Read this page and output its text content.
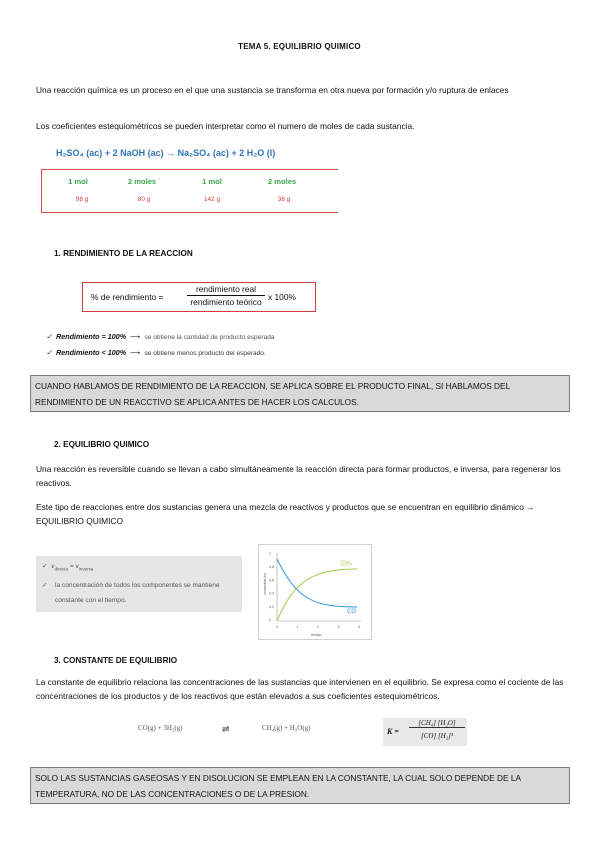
TEMA 5. EQUILIBRIO QUIMICO
Una reacción química es un proceso en el que una sustancia se transforma en otra nueva por formación y/o ruptura de enlaces
Los coeficientes estequiométricos se pueden interpretar como el numero de moles de cada sustancia.
H₂SO₄ (ac) + 2 NaOH (ac) → Na₂SO₄ (ac) + 2 H₂O (l)
1 mol	2 moles	1 mol	2 moles
98 g	80 g	142 g	36 g
1. RENDIMIENTO DE LA REACCION
% de rendimiento =
rendimiento real
rendimiento teórico x 100%
✓ Rendimiento = 100%  ⟶  se obtiene la cantidad de producto esperada
✓ Rendimiento < 100%  ⟶  se obtiene menos producto del esperado.
CUANDO HABLAMOS DE RENDIMIENTO DE LA REACCION, SE APLICA SOBRE EL PRODUCTO FINAL, SI HABLAMOS DEL RENDIMIENTO DE UN REACCTIVO SE APLICA ANTES DE HACER LOS CALCULOS.
2. EQUILIBRIO QUIMICO
Una reacción es reversible cuando se llevan a cabo simultáneamente la reacción directa para formar productos, e inversa, para regenerar los reactivos.
Este tipo de reacciones entre dos sustancias genera una mezcla de reactivos y productos que se encuentran en equilibrio dinámico → EQUILIBRIO QUIMICO
✓ $v_{directa} = v_{inversa}$
✓	la concentración de todos los componentes se mantiene constante con el tiempo.
CH₄
CO
concentración
tiempo
1
0,8
0,6
0,4
0,2
0
0	1	2	3	4
3. CONSTANTE DE EQUILIBRIO
La constante de equilibrio relaciona las concentraciones de las sustancias que intervienen en el equilibrio. Se expresa como el cociente de las concentraciones de los productos y de los reactivos que están elevados a sus coeficientes estequiométricos.
CO(g) + 3H₂(g)	⇌	CH₄(g) + H₂O(g)	K =
[CH₄] [H₂O]
[CO] [H₂]³
SOLO LAS SUSTANCIAS GASEOSAS Y EN DISOLUCION SE EMPLEAN EN LA CONSTANTE, LA CUAL SOLO DEPENDE DE LA TEMPERATURA, NO DE LAS CONCENTRACIONES O DE LA PRESION.
